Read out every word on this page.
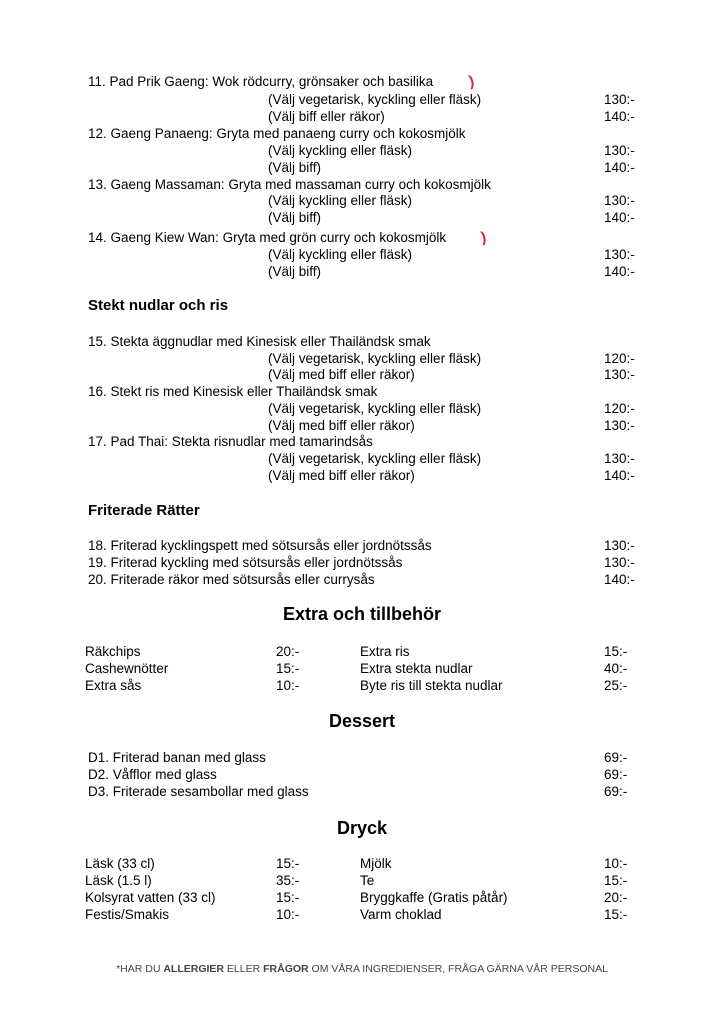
11. Pad Prik Gaeng: Wok rödcurry, grönsaker och basilika )
(Välj vegetarisk, kyckling eller fläsk)	130:-
(Välj biff eller räkor)	140:-
12. Gaeng Panaeng: Gryta med panaeng curry och kokosmjölk
(Välj kyckling eller fläsk)	130:-
(Välj biff)	140:-
13. Gaeng Massaman: Gryta med massaman curry och kokosmjölk
(Välj kyckling eller fläsk)	130:-
(Välj biff)	140:-
14. Gaeng Kiew Wan: Gryta med grön curry och kokosmjölk )
(Välj kyckling eller fläsk)	130:-
(Välj biff)	140:-
Stekt nudlar och ris
15. Stekta äggnudlar med Kinesisk eller Thailändsk smak
(Välj vegetarisk, kyckling eller fläsk)	120:-
(Välj med biff eller räkor)	130:-
16. Stekt ris med Kinesisk eller Thailändsk smak
(Välj vegetarisk, kyckling eller fläsk)	120:-
(Välj med biff eller räkor)	130:-
17. Pad Thai: Stekta risnudlar med tamarindsås
(Välj vegetarisk, kyckling eller fläsk)	130:-
(Välj med biff eller räkor)	140:-
Friterade Rätter
18. Friterad kycklingspett med sötsursås eller jordnötssås	130:-
19. Friterad kyckling med sötsursås eller jordnötssås	130:-
20. Friterade räkor med sötsursås eller currysås	140:-
Extra och tillbehör
Räkchips	20:-	Extra ris	15:-
Cashewnötter	15:-	Extra stekta nudlar	40:-
Extra sås	10:-	Byte ris till stekta nudlar	25:-
Dessert
D1. Friterad banan med glass	69:-
D2. Våfflor med glass	69:-
D3. Friterade sesambollar med glass	69:-
Dryck
Läsk (33 cl)	15:-	Mjölk	10:-
Läsk (1.5 l)	35:-	Te	15:-
Kolsyrat vatten (33 cl)	15:-	Bryggkaffe (Gratis påtår)	20:-
Festis/Smakis	10:-	Varm choklad	15:-
*HAR DU ALLERGIER ELLER FRÅGOR OM VÅRA INGREDIENSER, FRÅGA GÄRNA VÅR PERSONAL
